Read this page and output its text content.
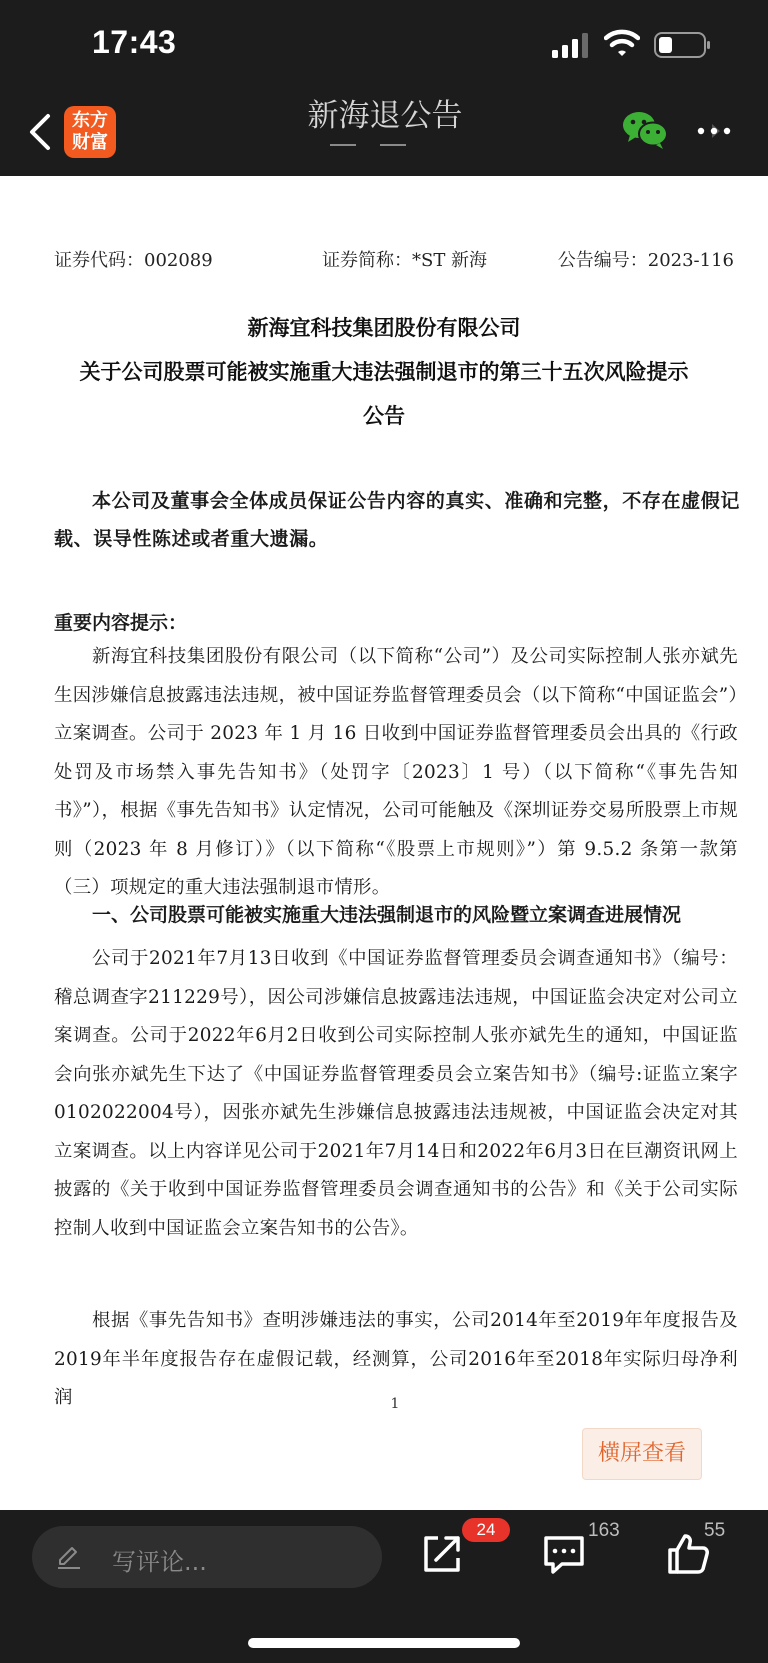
17:43
东方
财富
新海退公告
证券代码：002089	证券简称：*ST 新海	公告编号：2023-116
新海宜科技集团股份有限公司
关于公司股票可能被实施重大违法强制退市的第三十五次风险提示
公告
本公司及董事会全体成员保证公告内容的真实、准确和完整，不存在虚假记载、误导性陈述或者重大遗漏。
重要内容提示：
新海宜科技集团股份有限公司（以下简称“公司”）及公司实际控制人张亦斌先生因涉嫌信息披露违法违规，被中国证券监督管理委员会（以下简称“中国证监会”）立案调查。公司于 2023 年 1 月 16 日收到中国证券监督管理委员会出具的《行政处罚及市场禁入事先告知书》（处罚字〔2023〕1 号）（以下简称“《事先告知书》”），根据《事先告知书》认定情况，公司可能触及《深圳证券交易所股票上市规则（2023 年 8 月修订）》（以下简称“《股票上市规则》”）第 9.5.2 条第一款第（三）项规定的重大违法强制退市情形。
一、公司股票可能被实施重大违法强制退市的风险暨立案调查进展情况
公司于2021年7月13日收到《中国证券监督管理委员会调查通知书》（编号：稽总调查字211229号），因公司涉嫌信息披露违法违规，中国证监会决定对公司立案调查。公司于2022年6月2日收到公司实际控制人张亦斌先生的通知，中国证监会向张亦斌先生下达了《中国证券监督管理委员会立案告知书》（编号:证监立案字0102022004号），因张亦斌先生涉嫌信息披露违法违规被，中国证监会决定对其立案调查。以上内容详见公司于2021年7月14日和2022年6月3日在巨潮资讯网上披露的《关于收到中国证券监督管理委员会调查通知书的公告》和《关于公司实际控制人收到中国证监会立案告知书的公告》。
根据《事先告知书》查明涉嫌违法的事实，公司2014年至2019年年度报告及2019年半年度报告存在虚假记载，经测算，公司2016年至2018年实际归母净利润	1
横屏查看
写评论...
24	163	55
